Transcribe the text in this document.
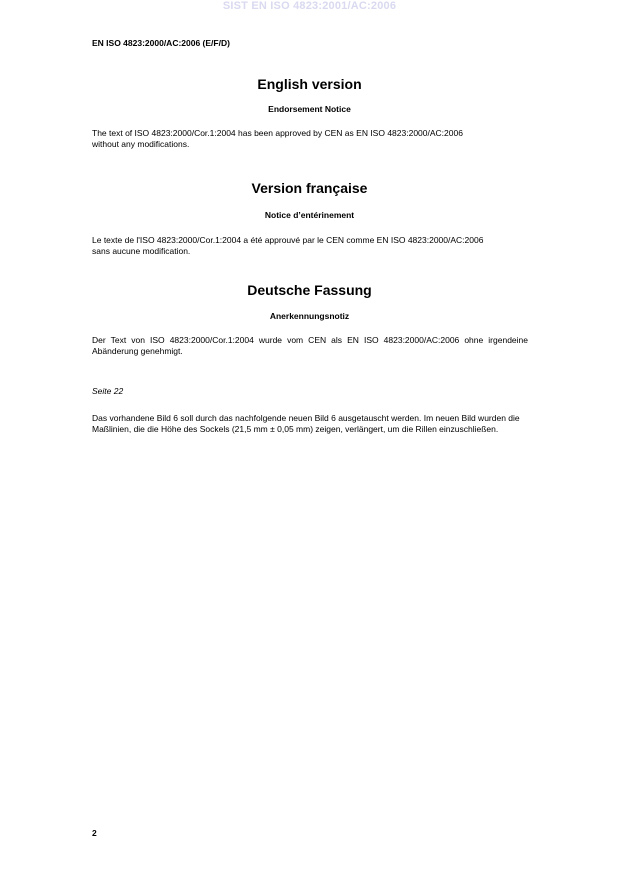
SIST EN ISO 4823:2001/AC:2006
EN ISO 4823:2000/AC:2006 (E/F/D)
English version
Endorsement Notice

The text of ISO 4823:2000/Cor.1:2004 has been approved by CEN as EN ISO 4823:2000/AC:2006 without any modifications.

Version française
Notice d’entérinement

Le texte de l'ISO 4823:2000/Cor.1:2004 a été approuvé par le CEN comme EN ISO 4823:2000/AC:2006 sans aucune modification.

Deutsche Fassung
Anerkennungsnotiz

Der Text von ISO 4823:2000/Cor.1:2004 wurde vom CEN als EN ISO 4823:2000/AC:2006 ohne irgendeine Abänderung genehmigt.

Seite 22

Das vorhandene Bild 6 soll durch das nachfolgende neuen Bild 6 ausgetauscht werden. Im neuen Bild wurden die Maßlinien, die die Höhe des Sockels (21,5 mm ± 0,05 mm) zeigen, verlängert, um die Rillen einzuschließen.

2
